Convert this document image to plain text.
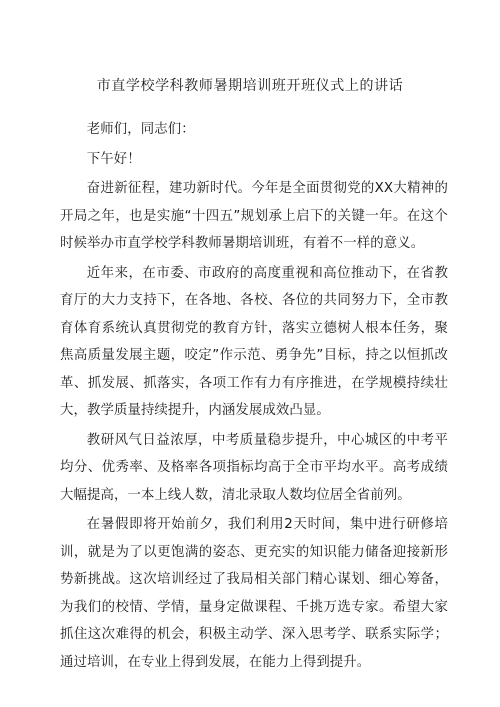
市直学校学科教师暑期培训班开班仪式上的讲话

老师们，同志们：

下午好！

奋进新征程，建功新时代。今年是全面贯彻党的XX大精神的开局之年，也是实施“十四五”规划承上启下的关键一年。在这个时候举办市直学校学科教师暑期培训班，有着不一样的意义。

近年来，在市委、市政府的高度重视和高位推动下，在省教育厅的大力支持下，在各地、各校、各位的共同努力下，全市教育体育系统认真贯彻党的教育方针，落实立德树人根本任务，聚焦高质量发展主题，咬定”作示范、勇争先”目标，持之以恒抓改革、抓发展、抓落实，各项工作有力有序推进，在学规模持续壮大，教学质量持续提升，内涵发展成效凸显。

教研风气日益浓厚，中考质量稳步提升，中心城区的中考平均分、优秀率、及格率各项指标均高于全市平均水平。高考成绩大幅提高，一本上线人数，清北录取人数均位居全省前列。

在暑假即将开始前夕，我们利用2天时间，集中进行研修培训，就是为了以更饱满的姿态、更充实的知识能力储备迎接新形势新挑战。这次培训经过了我局相关部门精心谋划、细心筹备，为我们的校情、学情，量身定做课程、千挑万选专家。希望大家抓住这次难得的机会，积极主动学、深入思考学、联系实际学；通过培训，在专业上得到发展，在能力上得到提升。
